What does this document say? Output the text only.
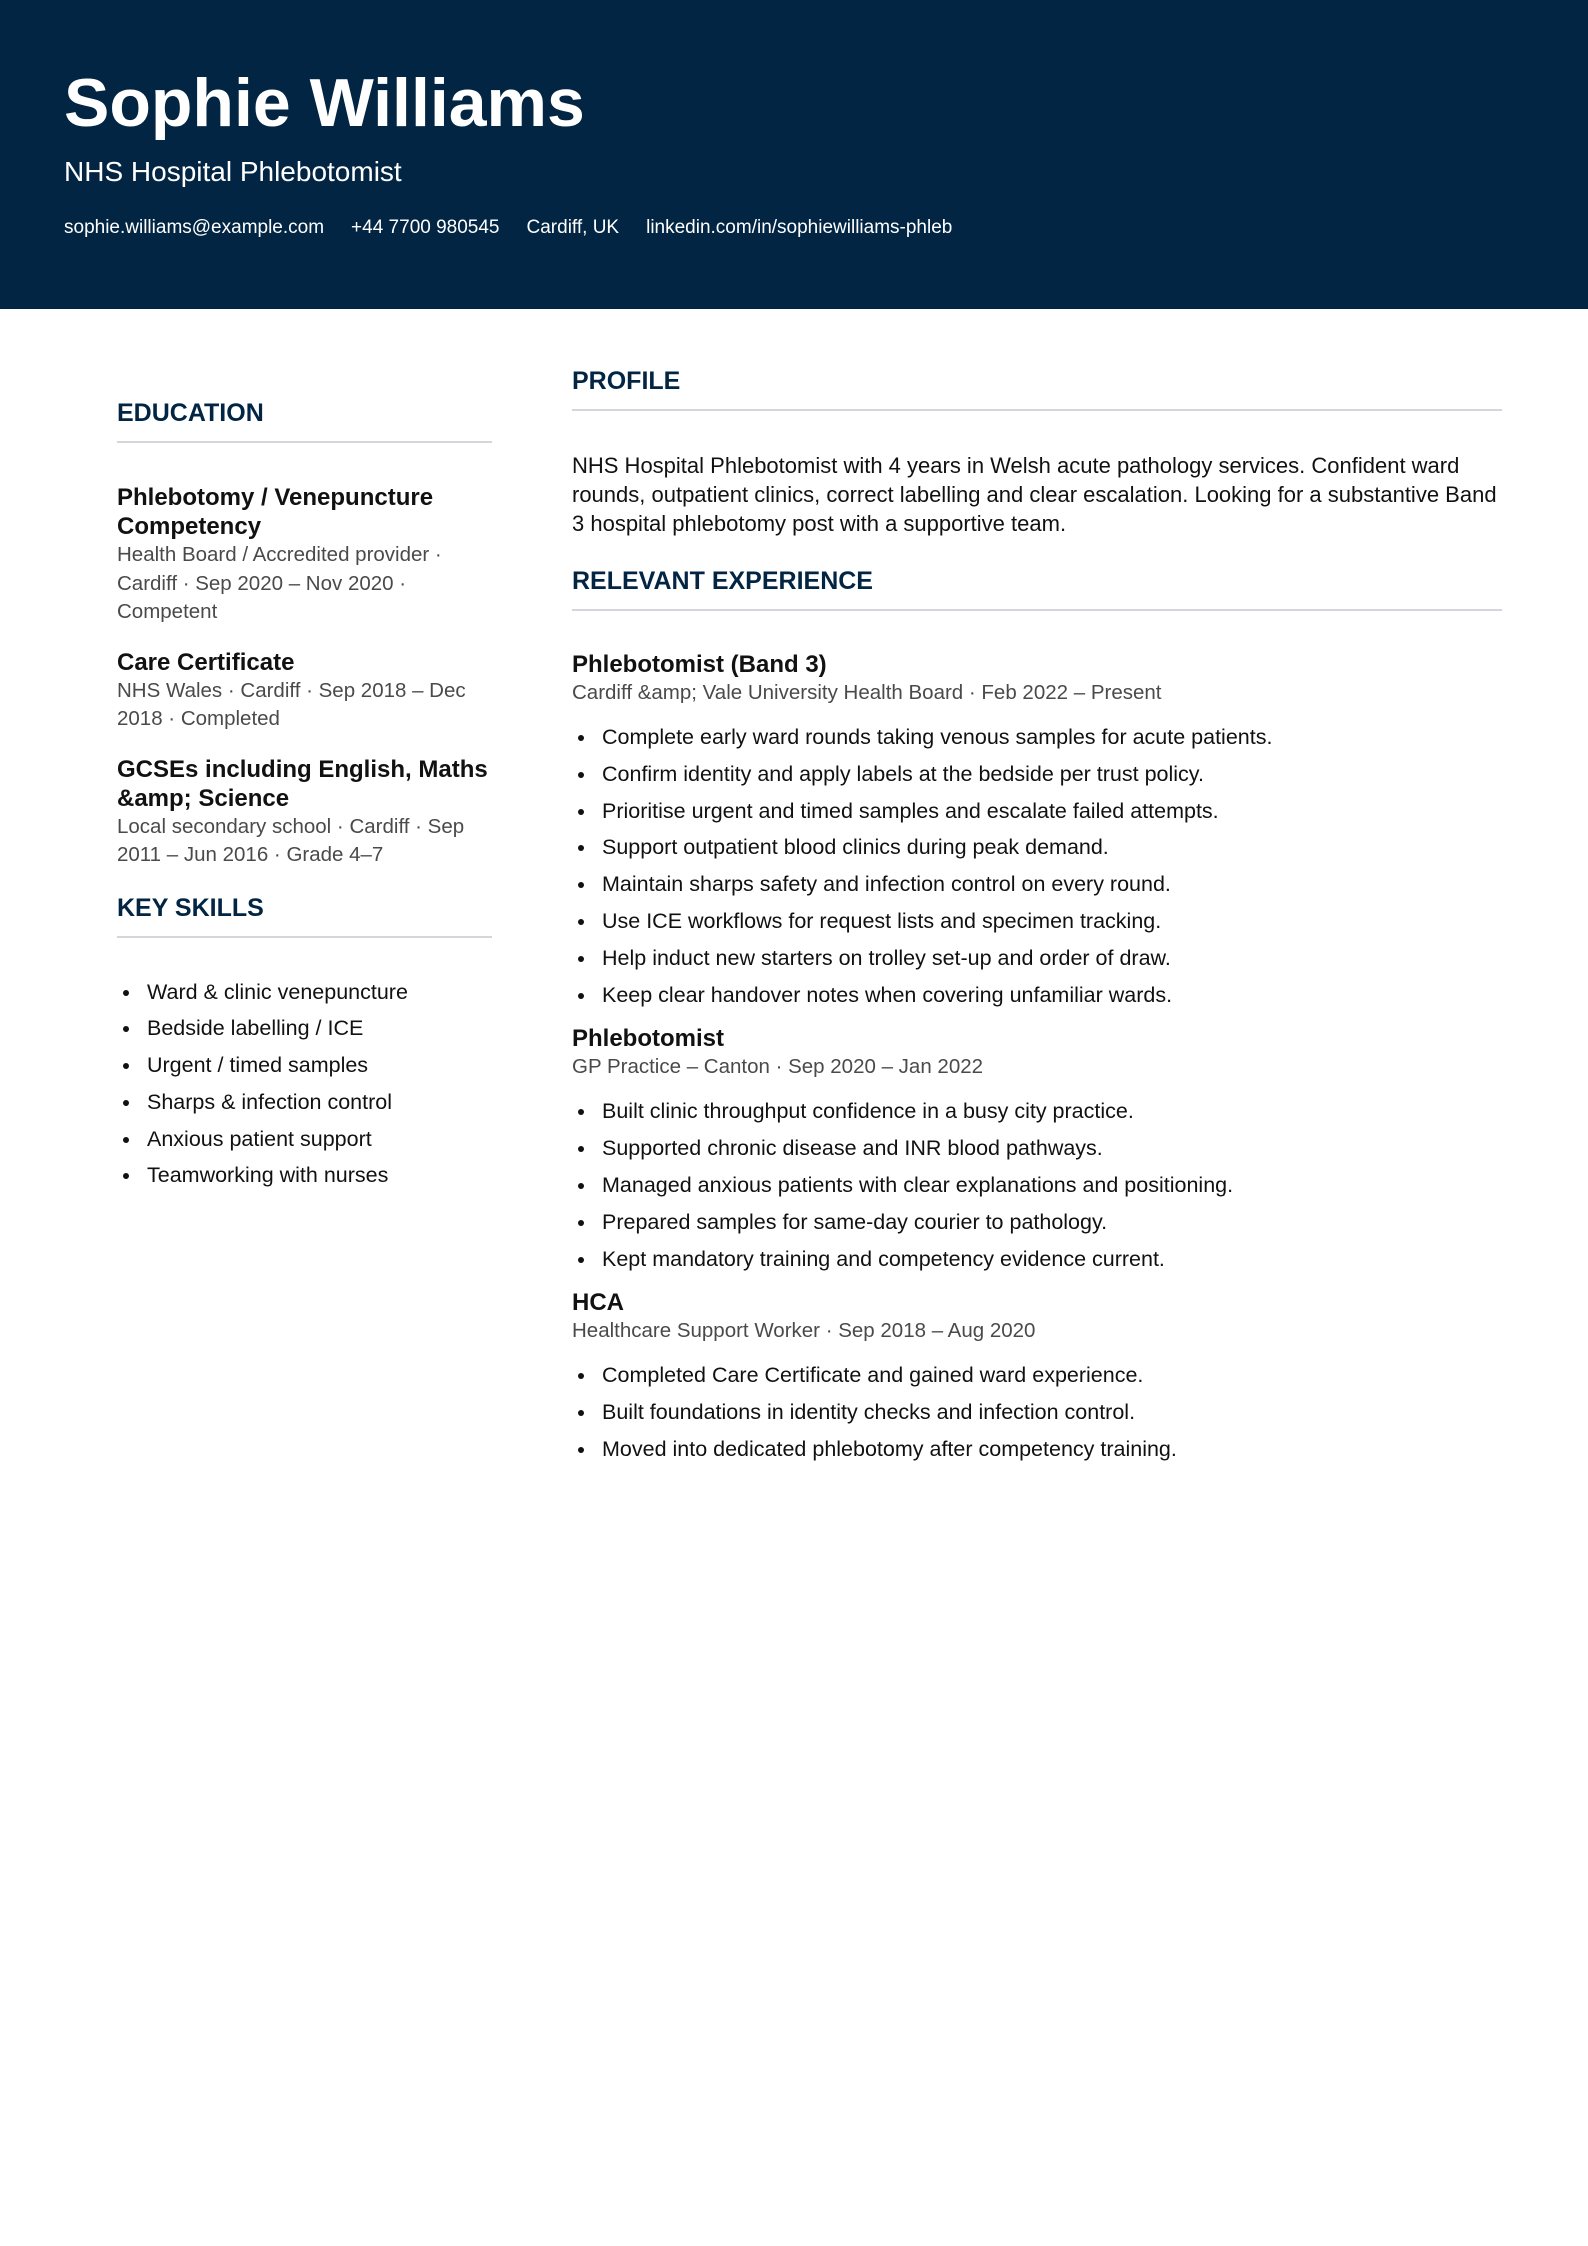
Sophie Williams
NHS Hospital Phlebotomist
sophie.williams@example.com +44 7700 980545 Cardiff, UK linkedin.com/in/sophiewilliams-phleb
EDUCATION
Phlebotomy / Venepuncture Competency
Health Board / Accredited provider · Cardiff · Sep 2020 – Nov 2020 · Competent
Care Certificate
NHS Wales · Cardiff · Sep 2018 – Dec 2018 · Completed
GCSEs including English, Maths &amp; Science
Local secondary school · Cardiff · Sep 2011 – Jun 2016 · Grade 4–7
KEY SKILLS
Ward & clinic venepuncture
Bedside labelling / ICE
Urgent / timed samples
Sharps & infection control
Anxious patient support
Teamworking with nurses
PROFILE

NHS Hospital Phlebotomist with 4 years in Welsh acute pathology services. Confident ward rounds, outpatient clinics, correct labelling and clear escalation. Looking for a substantive Band 3 hospital phlebotomy post with a supportive team.

RELEVANT EXPERIENCE
Phlebotomist (Band 3)
Cardiff &amp; Vale University Health Board · Feb 2022 – Present
Complete early ward rounds taking venous samples for acute patients.
Confirm identity and apply labels at the bedside per trust policy.
Prioritise urgent and timed samples and escalate failed attempts.
Support outpatient blood clinics during peak demand.
Maintain sharps safety and infection control on every round.
Use ICE workflows for request lists and specimen tracking.
Help induct new starters on trolley set-up and order of draw.
Keep clear handover notes when covering unfamiliar wards.
Phlebotomist
GP Practice – Canton · Sep 2020 – Jan 2022
Built clinic throughput confidence in a busy city practice.
Supported chronic disease and INR blood pathways.
Managed anxious patients with clear explanations and positioning.
Prepared samples for same-day courier to pathology.
Kept mandatory training and competency evidence current.
HCA
Healthcare Support Worker · Sep 2018 – Aug 2020
Completed Care Certificate and gained ward experience.
Built foundations in identity checks and infection control.
Moved into dedicated phlebotomy after competency training.
